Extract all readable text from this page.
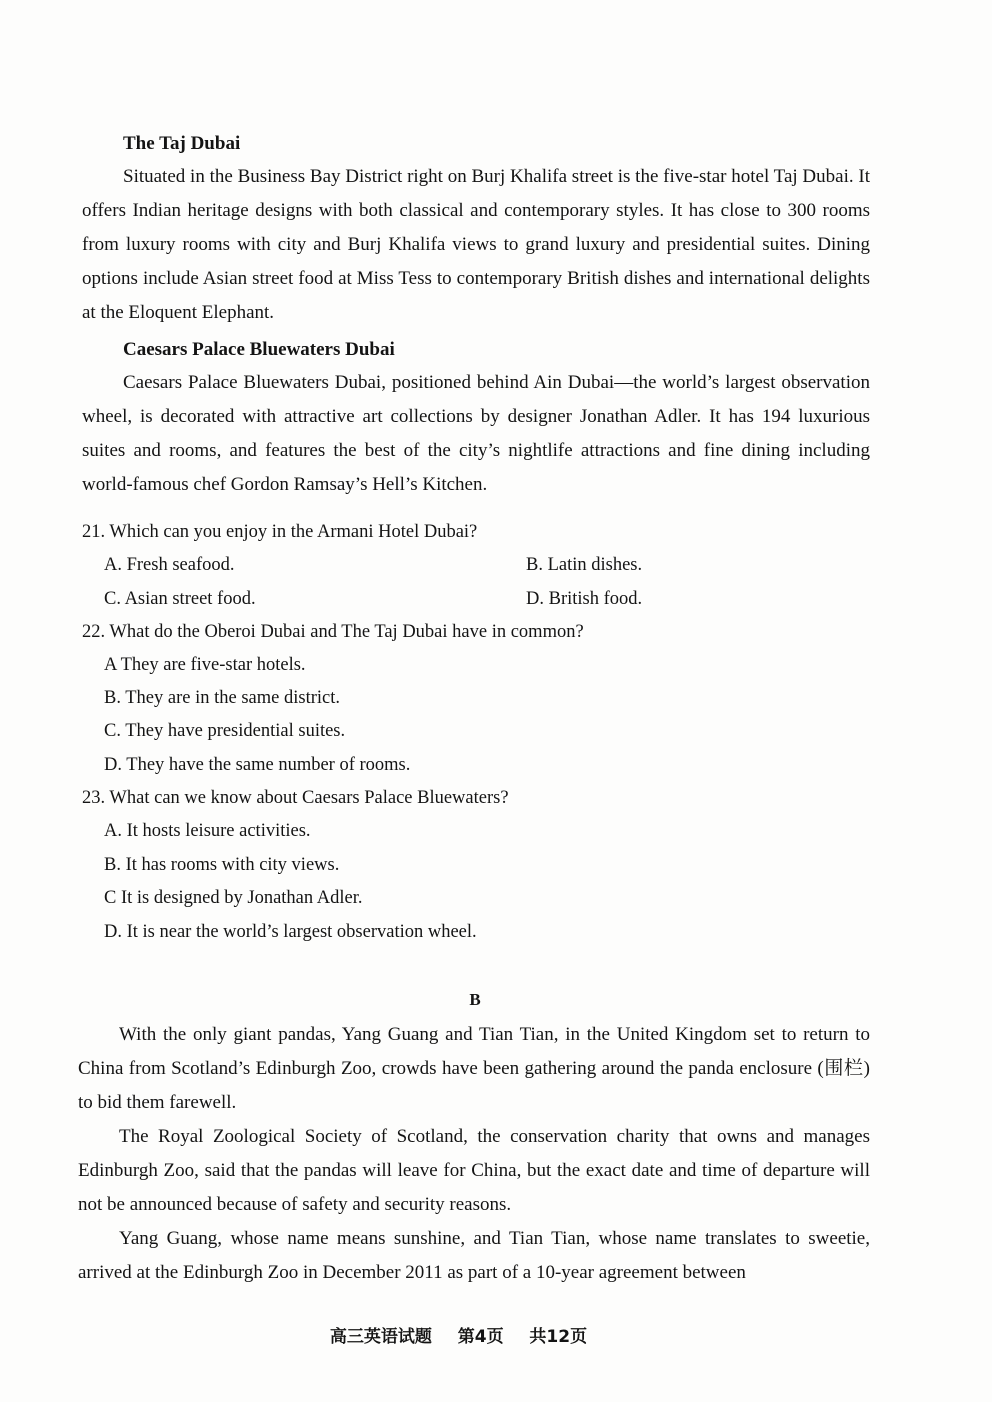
The Taj Dubai

Situated in the Business Bay District right on Burj Khalifa street is the five-star hotel Taj Dubai. It offers Indian heritage designs with both classical and contemporary styles. It has close to 300 rooms from luxury rooms with city and Burj Khalifa views to grand luxury and presidential suites. Dining options include Asian street food at Miss Tess to contemporary British dishes and international delights at the Eloquent Elephant.

Caesars Palace Bluewaters Dubai

Caesars Palace Bluewaters Dubai, positioned behind Ain Dubai—the world’s largest observation wheel, is decorated with attractive art collections by designer Jonathan Adler. It has 194 luxurious suites and rooms, and features the best of the city’s nightlife attractions and fine dining including world-famous chef Gordon Ramsay’s Hell’s Kitchen.

21. Which can you enjoy in the Armani Hotel Dubai?
A. Fresh seafood.	B. Latin dishes.
C. Asian street food.	D. British food.
22. What do the Oberoi Dubai and The Taj Dubai have in common?
A They are five-star hotels.
B. They are in the same district.
C. They have presidential suites.
D. They have the same number of rooms.
23. What can we know about Caesars Palace Bluewaters?
A. It hosts leisure activities.
B. It has rooms with city views.
C It is designed by Jonathan Adler.
D. It is near the world’s largest observation wheel.
B

With the only giant pandas, Yang Guang and Tian Tian, in the United Kingdom set to return to China from Scotland’s Edinburgh Zoo, crowds have been gathering around the panda enclosure (围栏) to bid them farewell.

The Royal Zoological Society of Scotland, the conservation charity that owns and manages Edinburgh Zoo, said that the pandas will leave for China, but the exact date and time of departure will not be announced because of safety and security reasons.

Yang Guang, whose name means sunshine, and Tian Tian, whose name translates to sweetie, arrived at the Edinburgh Zoo in December 2011 as part of a 10-year agreement between

高三英语试题 第4页 共12页
